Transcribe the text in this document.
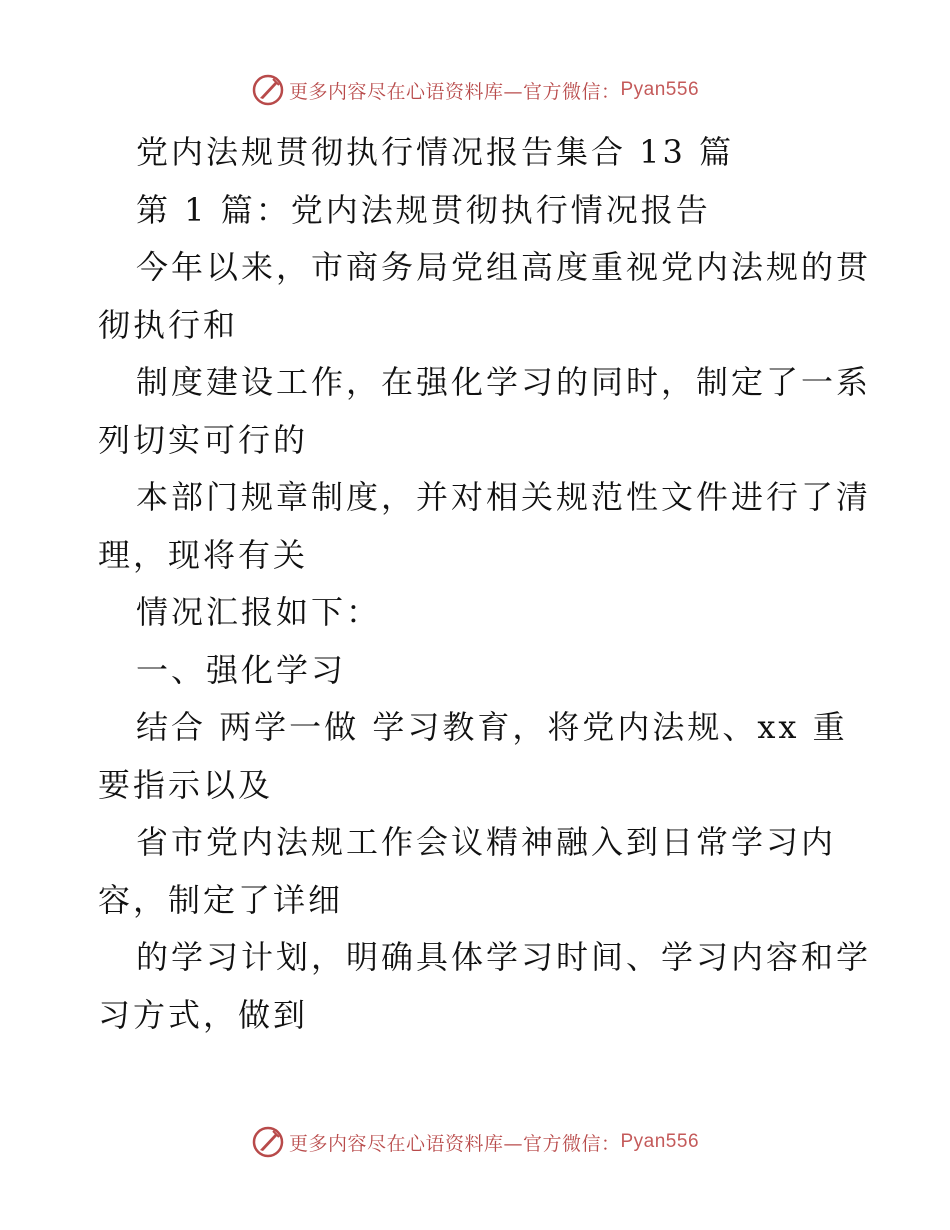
更多内容尽在心语资料库—官方微信： Pyan556
党内法规贯彻执行情况报告集合 13 篇
第 1 篇：党内法规贯彻执行情况报告
今年以来，市商务局党组高度重视党内法规的贯
彻执行和
制度建设工作，在强化学习的同时，制定了一系
列切实可行的
本部门规章制度，并对相关规范性文件进行了清
理，现将有关
情况汇报如下：
一、强化学习
结合 两学一做 学习教育，将党内法规、xx 重
要指示以及
省市党内法规工作会议精神融入到日常学习内
容，制定了详细
的学习计划，明确具体学习时间、学习内容和学
习方式，做到
更多内容尽在心语资料库—官方微信： Pyan556
